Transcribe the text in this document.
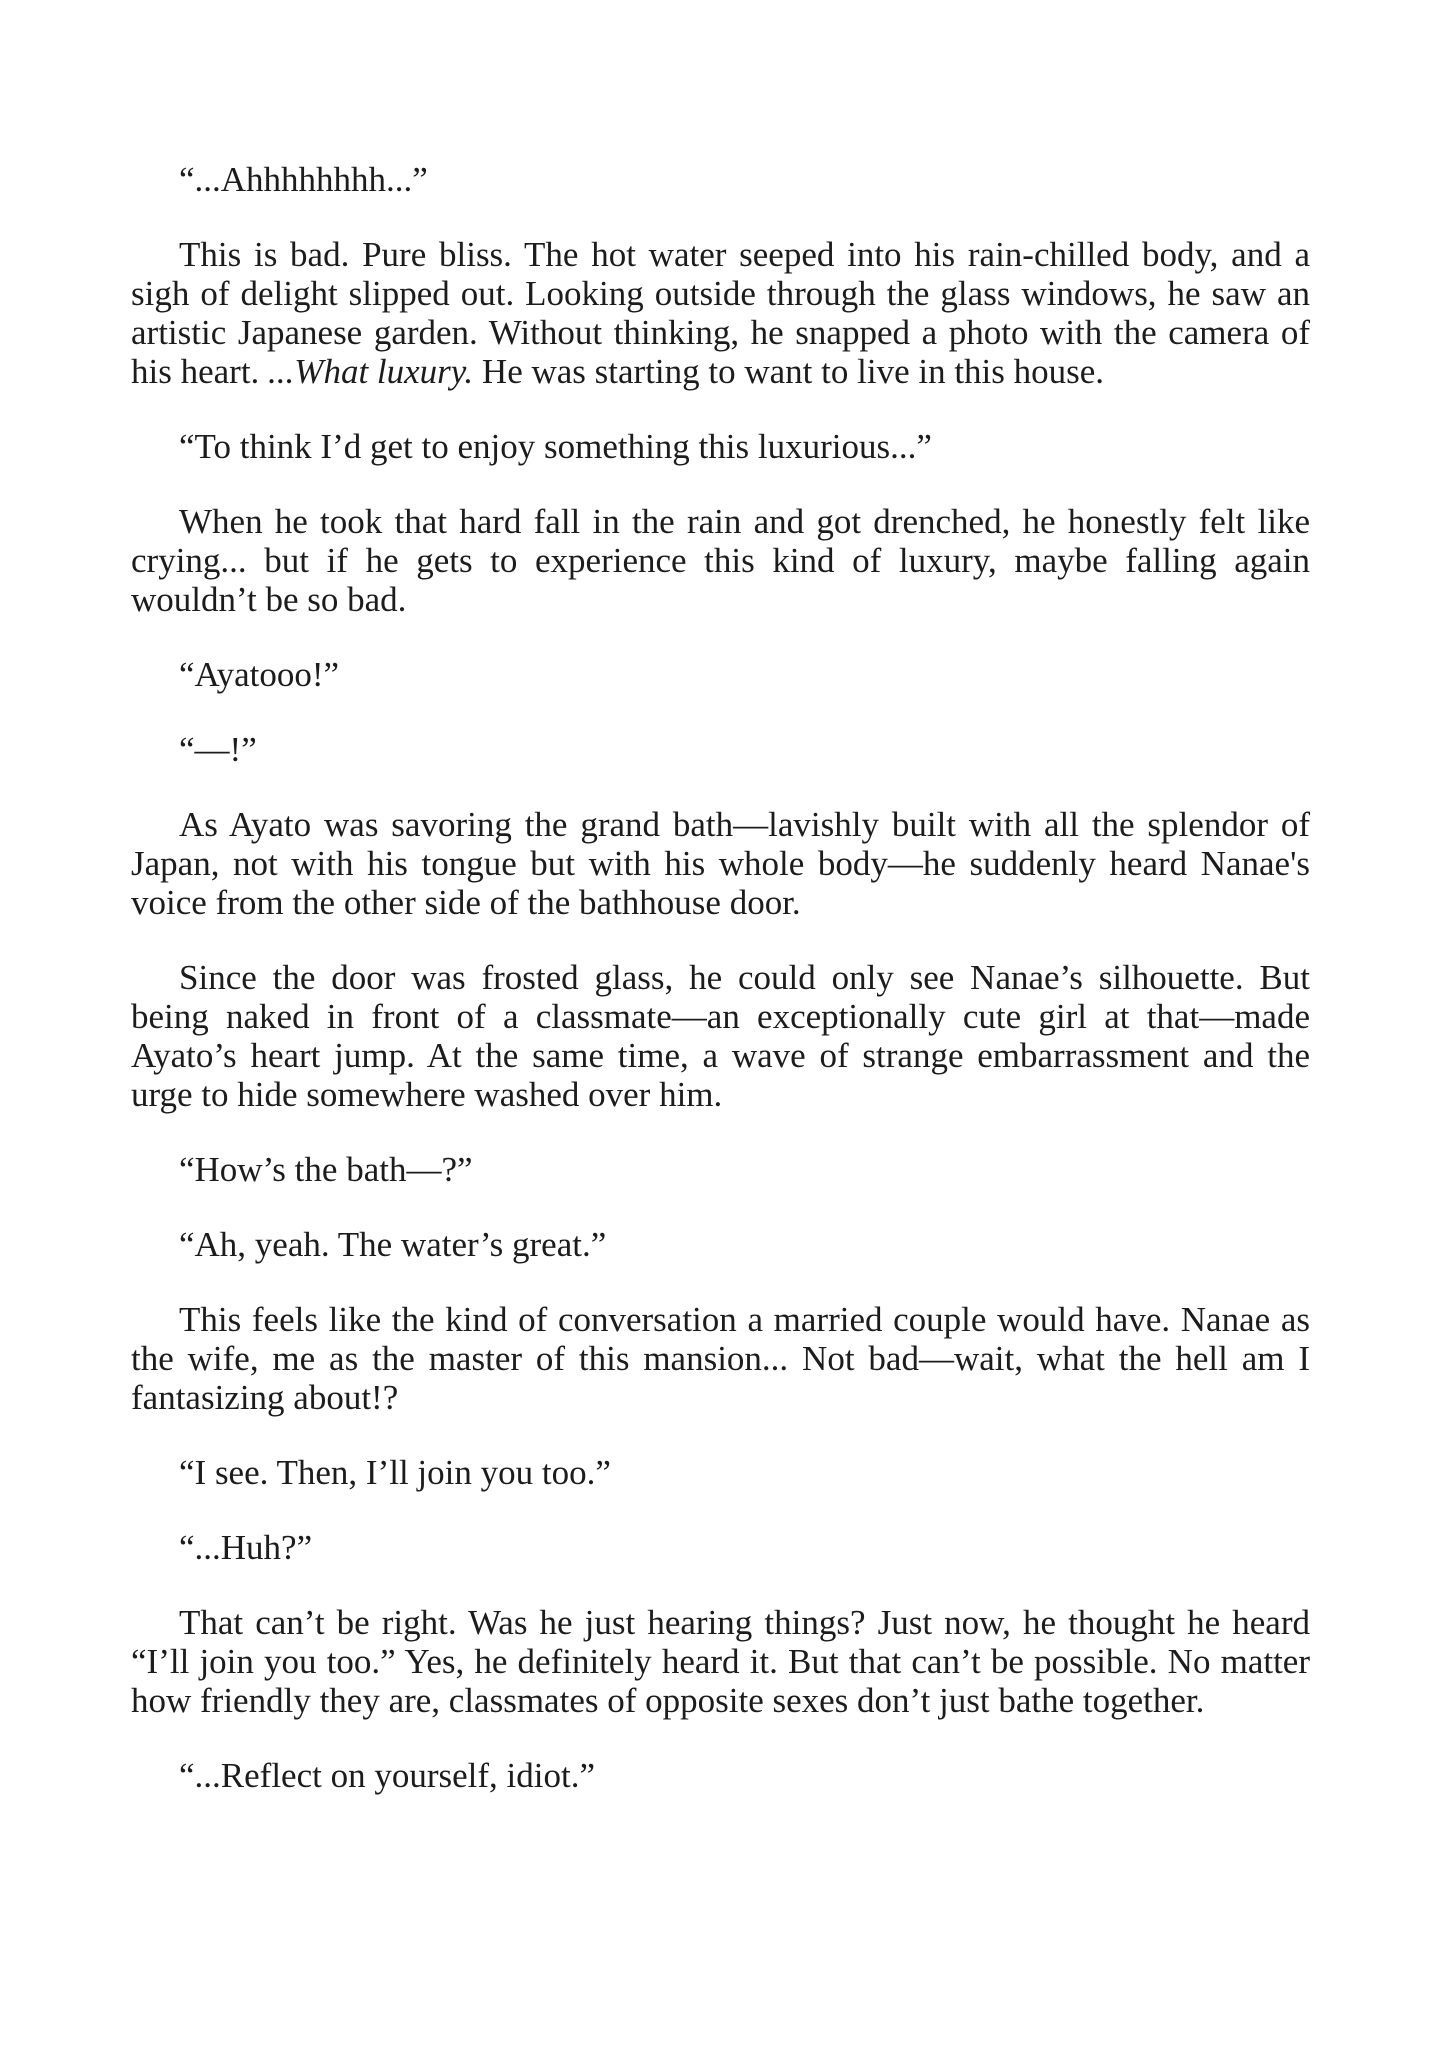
“...Ahhhhhhhh...”

This is bad. Pure bliss. The hot water seeped into his rain-chilled body, and a sigh of delight slipped out. Looking outside through the glass windows, he saw an artistic Japanese garden. Without thinking, he snapped a photo with the camera of his heart. ...What luxury. He was starting to want to live in this house.

“To think I’d get to enjoy something this luxurious...”

When he took that hard fall in the rain and got drenched, he honestly felt like crying... but if he gets to experience this kind of luxury, maybe falling again wouldn’t be so bad.

“Ayatooo!”

“—!”

As Ayato was savoring the grand bath—lavishly built with all the splendor of Japan, not with his tongue but with his whole body—he suddenly heard Nanae's voice from the other side of the bathhouse door.

Since the door was frosted glass, he could only see Nanae’s silhouette. But being naked in front of a classmate—an exceptionally cute girl at that—made Ayato’s heart jump. At the same time, a wave of strange embarrassment and the urge to hide somewhere washed over him.

“How’s the bath—?”

“Ah, yeah. The water’s great.”

This feels like the kind of conversation a married couple would have. Nanae as the wife, me as the master of this mansion... Not bad—wait, what the hell am I fantasizing about!?

“I see. Then, I’ll join you too.”

“...Huh?”

That can’t be right. Was he just hearing things? Just now, he thought he heard “I’ll join you too.” Yes, he definitely heard it. But that can’t be possible. No matter how friendly they are, classmates of opposite sexes don’t just bathe together.

“...Reflect on yourself, idiot.”
